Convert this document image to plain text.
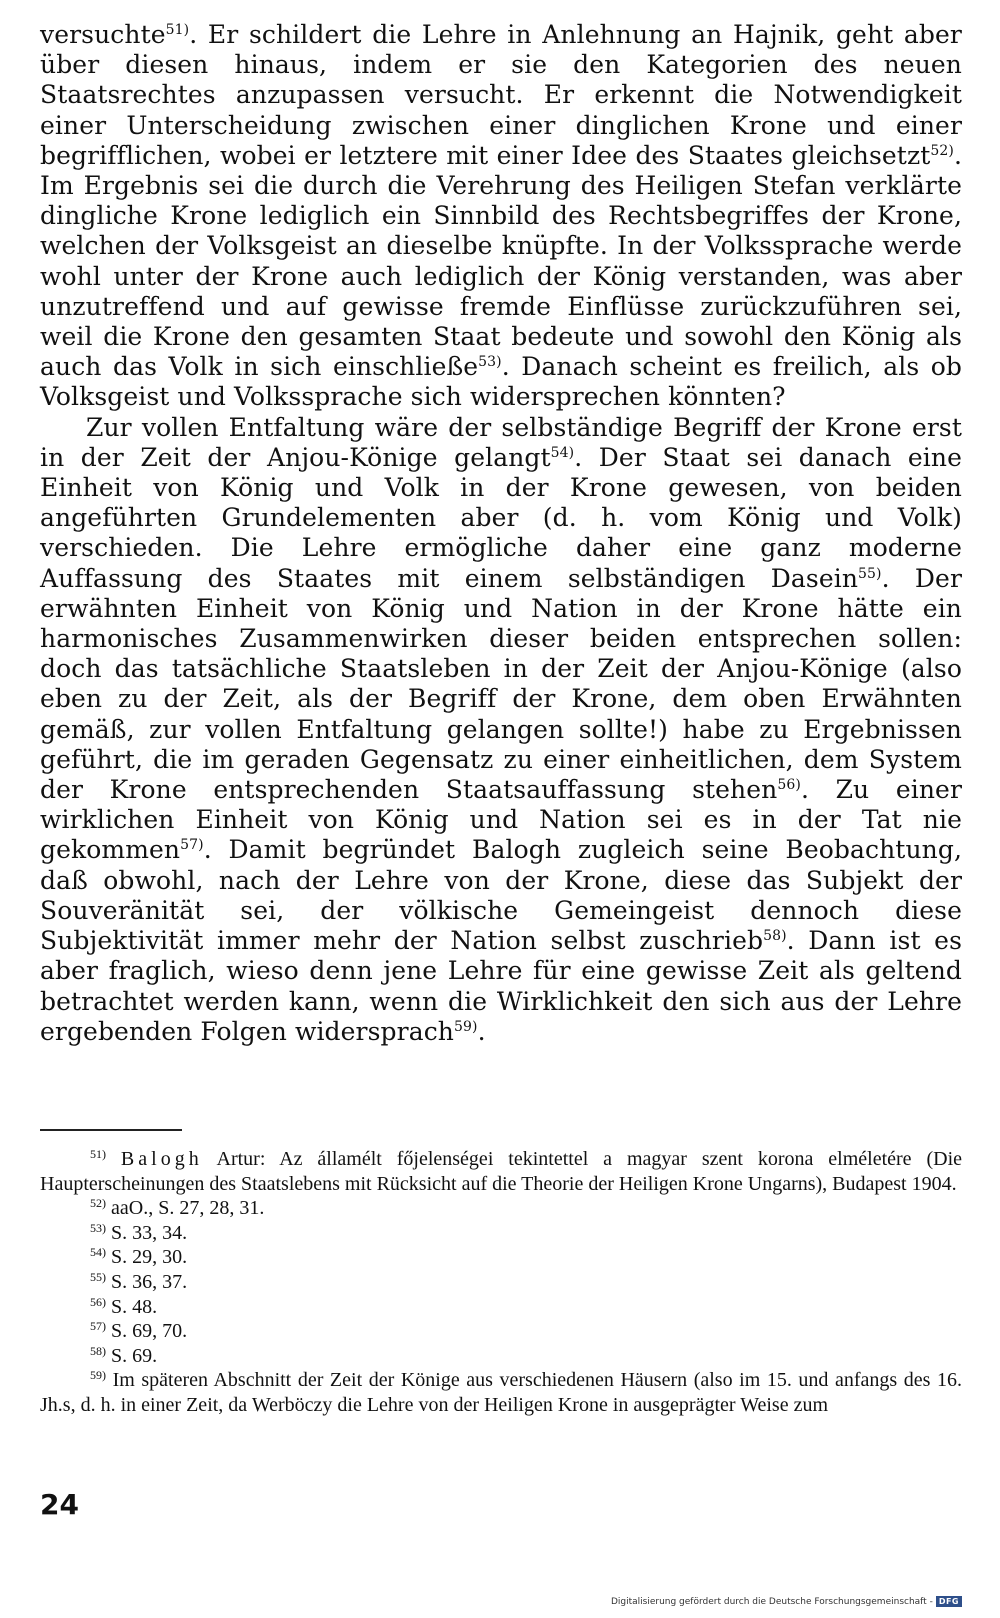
versuchte$^{51)}$. Er schildert die Lehre in Anlehnung an Hajnik, geht aber über diesen hinaus, indem er sie den Kategorien des neuen Staatsrechtes anzupassen versucht. Er erkennt die Notwendigkeit einer Unterscheidung zwischen einer dinglichen Krone und einer begrifflichen, wobei er letztere mit einer Idee des Staates gleichsetzt$^{52)}$. Im Ergebnis sei die durch die Verehrung des Heiligen Stefan verklärte dingliche Krone lediglich ein Sinnbild des Rechtsbegriffes der Krone, welchen der Volksgeist an dieselbe knüpfte. In der Volkssprache werde wohl unter der Krone auch lediglich der König verstanden, was aber unzutreffend und auf gewisse fremde Einflüsse zurückzuführen sei, weil die Krone den gesamten Staat bedeute und sowohl den König als auch das Volk in sich einschließe$^{53)}$. Danach scheint es freilich, als ob Volksgeist und Volkssprache sich widersprechen könnten?

Zur vollen Entfaltung wäre der selbständige Begriff der Krone erst in der Zeit der Anjou-Könige gelangt$^{54)}$. Der Staat sei danach eine Einheit von König und Volk in der Krone gewesen, von beiden angeführten Grundelementen aber (d. h. vom König und Volk) verschieden. Die Lehre ermögliche daher eine ganz moderne Auffassung des Staates mit einem selbständigen Dasein$^{55)}$. Der erwähnten Einheit von König und Nation in der Krone hätte ein harmonisches Zusammenwirken dieser beiden entsprechen sollen: doch das tatsächliche Staatsleben in der Zeit der Anjou-Könige (also eben zu der Zeit, als der Begriff der Krone, dem oben Erwähnten gemäß, zur vollen Entfaltung gelangen sollte!) habe zu Ergebnissen geführt, die im geraden Gegensatz zu einer einheitlichen, dem System der Krone entsprechenden Staatsauffassung stehen$^{56)}$. Zu einer wirklichen Einheit von König und Nation sei es in der Tat nie gekommen$^{57)}$. Damit begründet Balogh zugleich seine Beobachtung, daß obwohl, nach der Lehre von der Krone, diese das Subjekt der Souveränität sei, der völkische Gemeingeist dennoch diese Subjektivität immer mehr der Nation selbst zuschrieb$^{58)}$. Dann ist es aber fraglich, wieso denn jene Lehre für eine gewisse Zeit als geltend betrachtet werden kann, wenn die Wirklichkeit den sich aus der Lehre ergebenden Folgen widersprach$^{59)}$.

$^{51)}$ Balogh Artur: Az államélt főjelenségei tekintettel a magyar szent korona elméletére (Die Haupterscheinungen des Staatslebens mit Rücksicht auf die Theorie der Heiligen Krone Ungarns), Budapest 1904.

$^{52)}$ aaO., S. 27, 28, 31.

$^{53)}$ S. 33, 34.

$^{54)}$ S. 29, 30.

$^{55)}$ S. 36, 37.

$^{56)}$ S. 48.

$^{57)}$ S. 69, 70.

$^{58)}$ S. 69.

$^{59)}$ Im späteren Abschnitt der Zeit der Könige aus verschiedenen Häusern (also im 15. und anfangs des 16. Jh.s, d. h. in einer Zeit, da Werböczy die Lehre von der Heiligen Krone in ausgeprägter Weise zum

24
Digitalisierung gefördert durch die Deutsche Forschungsgemeinschaft - DFG
